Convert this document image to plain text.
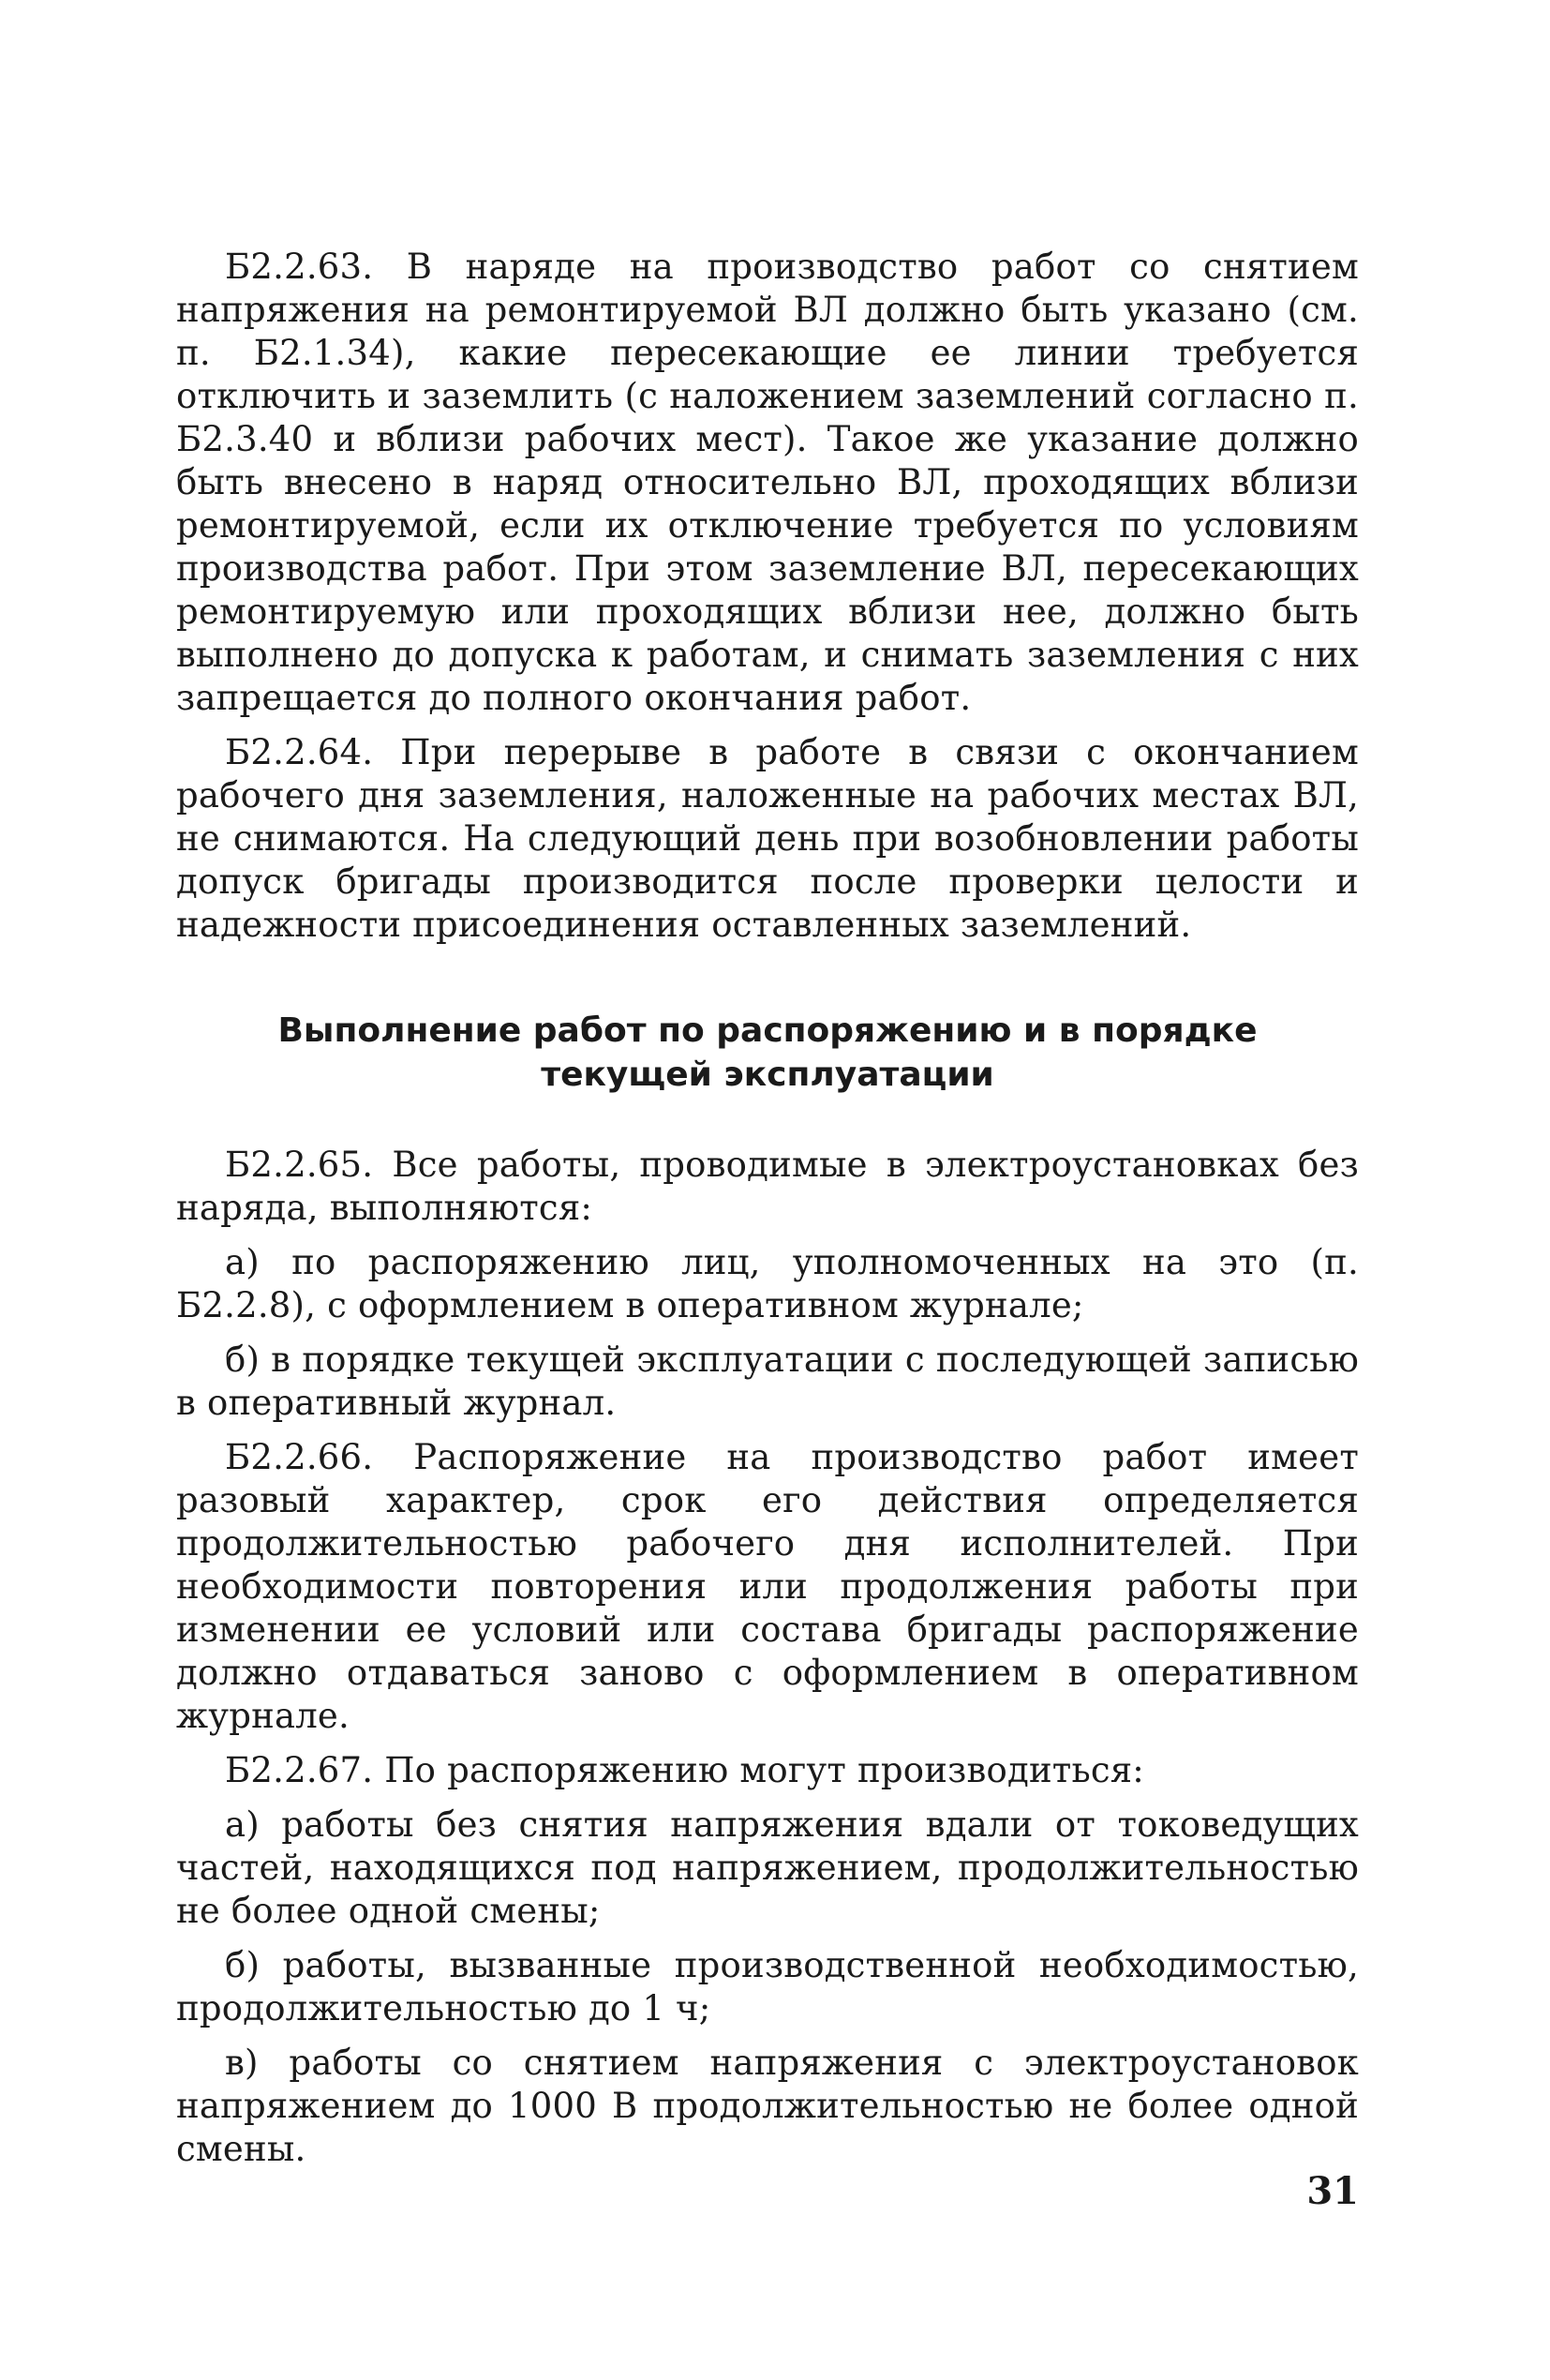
Б2.2.63. В наряде на производство работ со снятием напряжения на ремонтируемой ВЛ должно быть указано (см. п. Б2.1.34), какие пересекающие ее линии требуется отключить и заземлить (с наложением заземлений согласно п. Б2.3.40 и вблизи рабочих мест). Такое же указание должно быть внесено в наряд относительно ВЛ, проходящих вблизи ремонтируемой, если их отключение требуется по условиям производства работ. При этом заземление ВЛ, пересекающих ремонтируемую или проходящих вблизи нее, должно быть выполнено до допуска к работам, и снимать заземления с них запрещается до полного окончания работ.

Б2.2.64. При перерыве в работе в связи с окончанием рабочего дня заземления, наложенные на рабочих местах ВЛ, не снимаются. На следующий день при возобновлении работы допуск бригады производится после проверки целости и надежности присоединения оставленных заземлений.

Выполнение работ по распоряжению и в порядке
текущей эксплуатации

Б2.2.65. Все работы, проводимые в электроустановках без наряда, выполняются:

а) по распоряжению лиц, уполномоченных на это (п. Б2.2.8), с оформлением в оперативном журнале;

б) в порядке текущей эксплуатации с последующей записью в оперативный журнал.

Б2.2.66. Распоряжение на производство работ имеет разовый характер, срок его действия определяется продолжительностью рабочего дня исполнителей. При необходимости повторения или продолжения работы при изменении ее условий или состава бригады распоряжение должно отдаваться заново с оформлением в оперативном журнале.

Б2.2.67. По распоряжению могут производиться:

а) работы без снятия напряжения вдали от токоведущих частей, находящихся под напряжением, продолжительностью не более одной смены;

б) работы, вызванные производственной необходимостью, продолжительностью до 1 ч;

в) работы со снятием напряжения с электроустановок напряжением до 1000 В продолжительностью не более одной смены.

31
